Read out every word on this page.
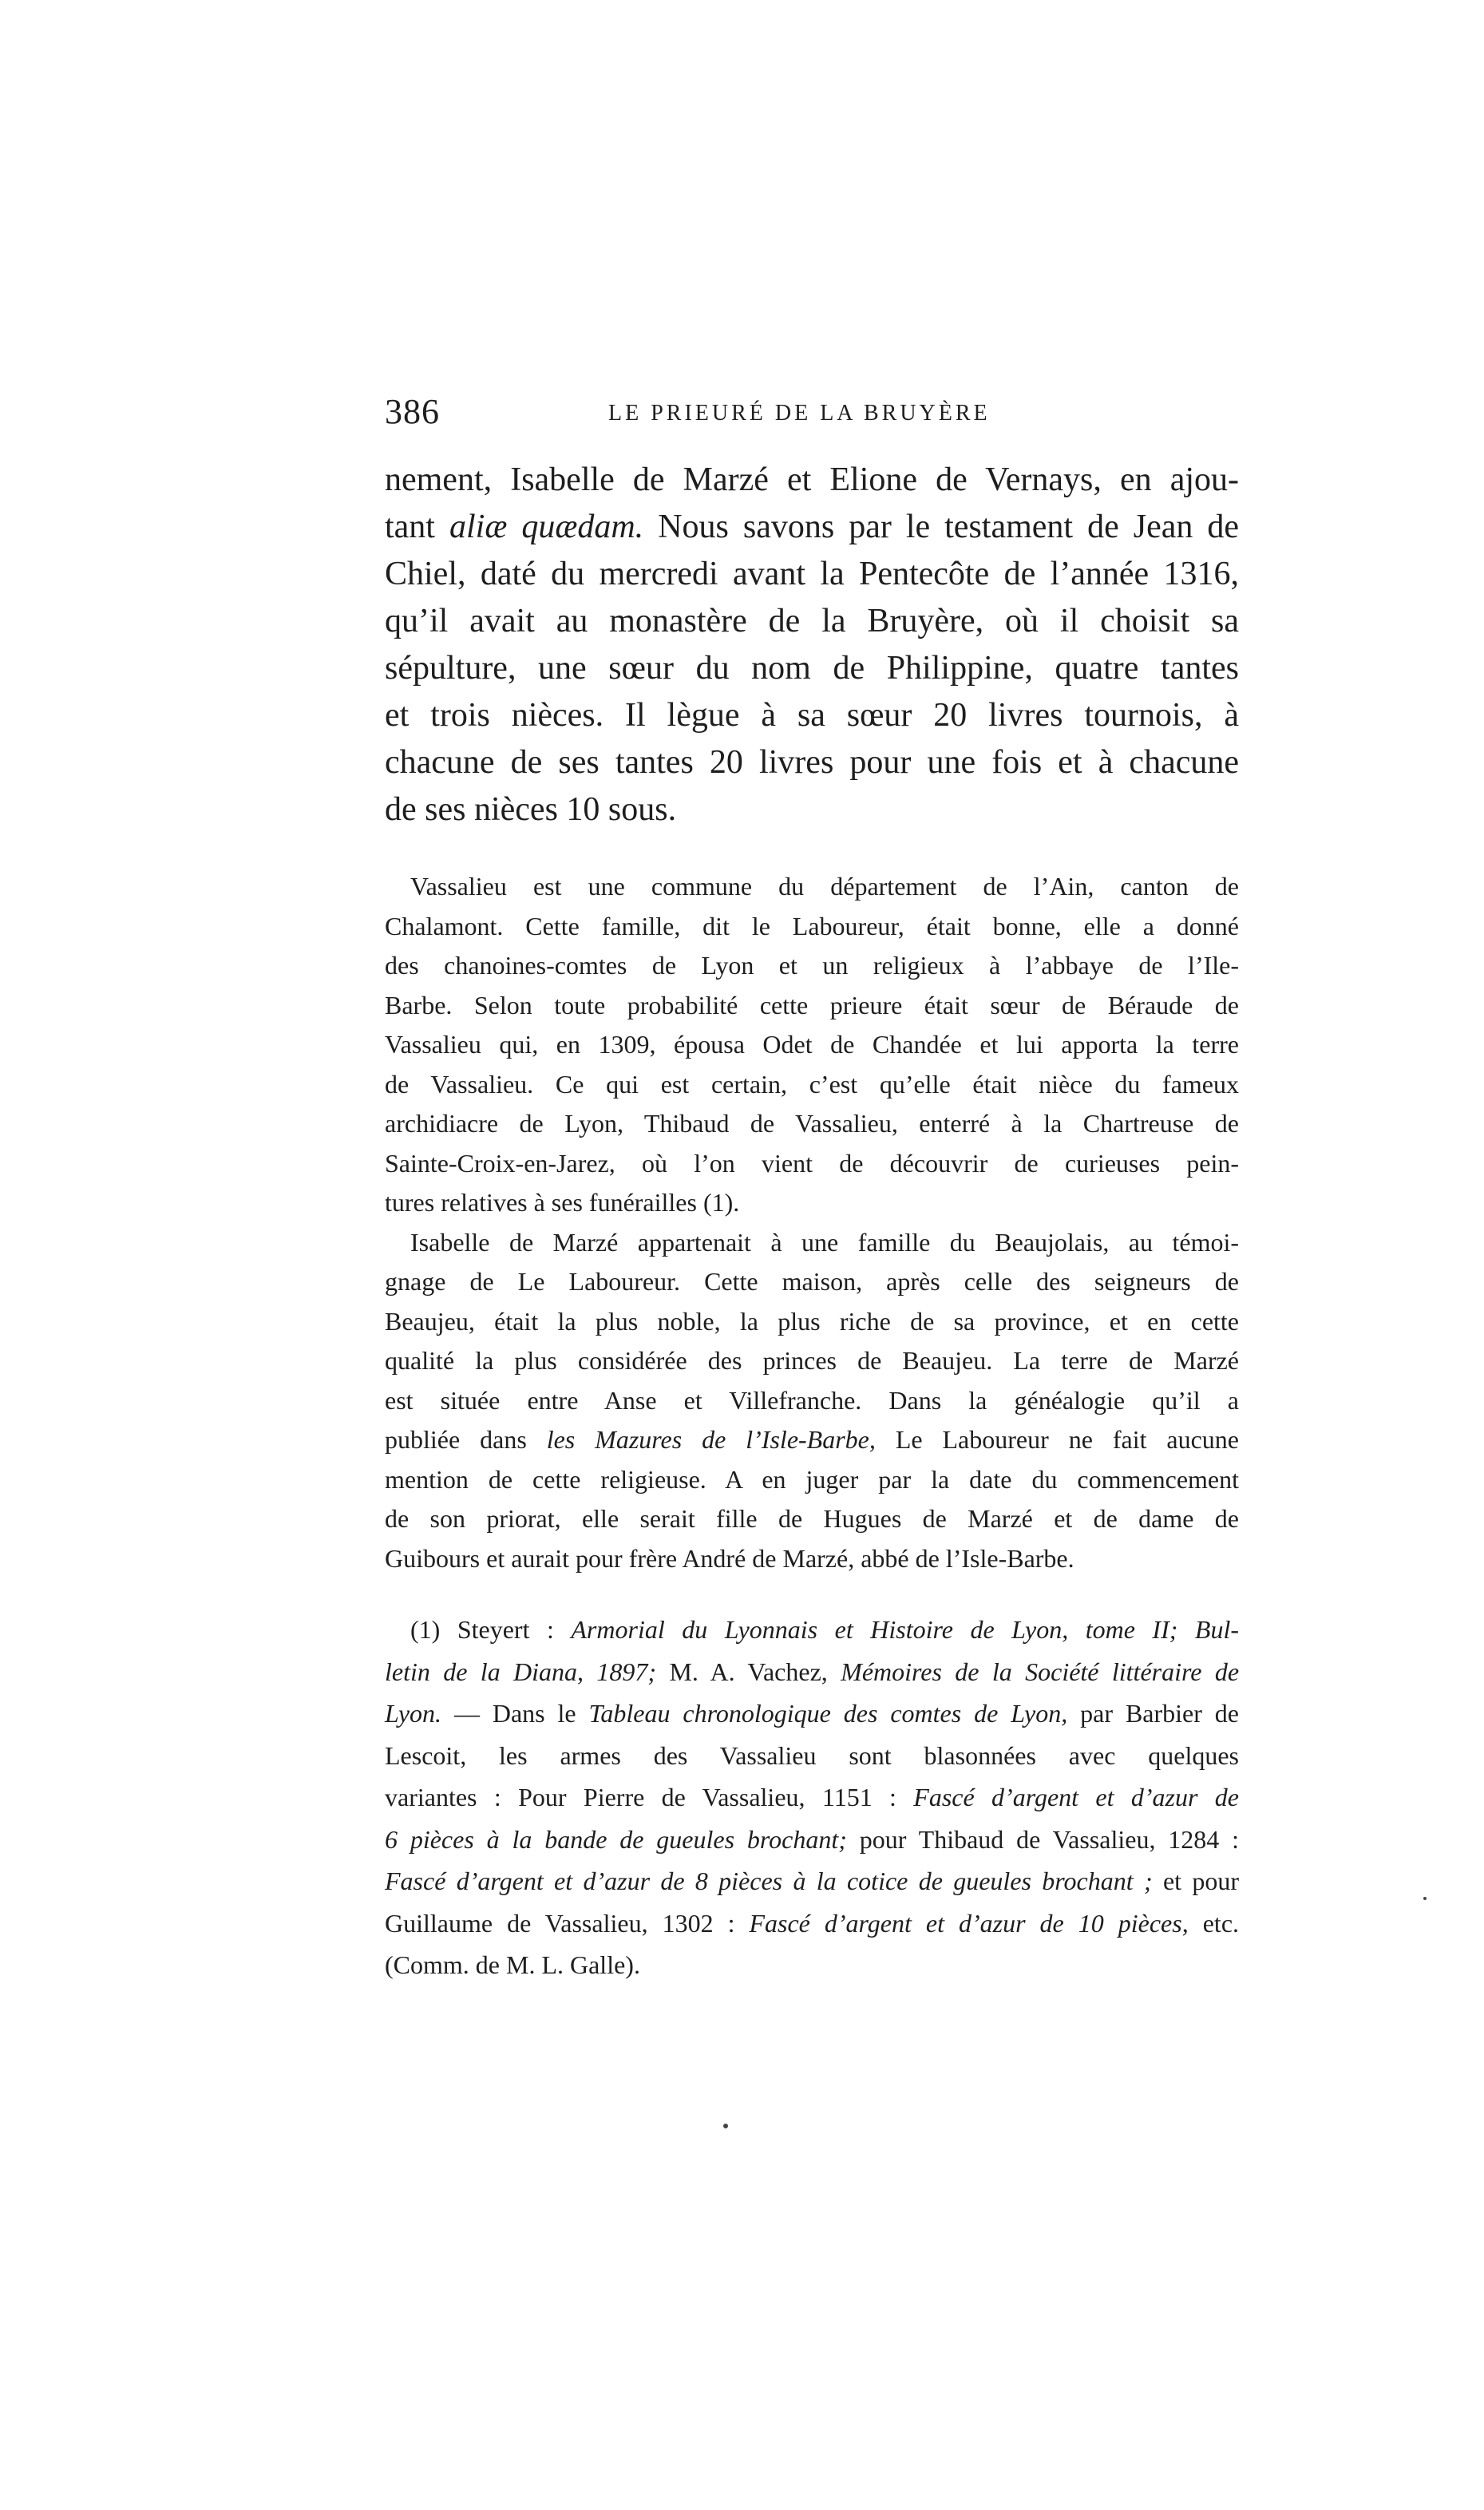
386	LE PRIEURÉ DE LA BRUYÈRE
nement, Isabelle de Marzé et Elione de Vernays, en ajou-
tant aliæ quædam. Nous savons par le testament de Jean de
Chiel, daté du mercredi avant la Pentecôte de l’année 1316,
qu’il avait au monastère de la Bruyère, où il choisit sa
sépulture, une sœur du nom de Philippine, quatre tantes
et trois nièces. Il lègue à sa sœur 20 livres tournois, à
chacune de ses tantes 20 livres pour une fois et à chacune
de ses nièces 10 sous.
Vassalieu est une commune du département de l’Ain, canton de
Chalamont. Cette famille, dit le Laboureur, était bonne, elle a donné
des chanoines-comtes de Lyon et un religieux à l’abbaye de l’Ile-
Barbe. Selon toute probabilité cette prieure était sœur de Béraude de
Vassalieu qui, en 1309, épousa Odet de Chandée et lui apporta la terre
de Vassalieu. Ce qui est certain, c’est qu’elle était nièce du fameux
archidiacre de Lyon, Thibaud de Vassalieu, enterré à la Chartreuse de
Sainte-Croix-en-Jarez, où l’on vient de découvrir de curieuses pein-
tures relatives à ses funérailles (1).
Isabelle de Marzé appartenait à une famille du Beaujolais, au témoi-
gnage de Le Laboureur. Cette maison, après celle des seigneurs de
Beaujeu, était la plus noble, la plus riche de sa province, et en cette
qualité la plus considérée des princes de Beaujeu. La terre de Marzé
est située entre Anse et Villefranche. Dans la généalogie qu’il a
publiée dans les Mazures de l’Isle-Barbe, Le Laboureur ne fait aucune
mention de cette religieuse. A en juger par la date du commencement
de son priorat, elle serait fille de Hugues de Marzé et de dame de
Guibours et aurait pour frère André de Marzé, abbé de l’Isle-Barbe.
(1) Steyert : Armorial du Lyonnais et Histoire de Lyon, tome II; Bul-
letin de la Diana, 1897; M. A. Vachez, Mémoires de la Société littéraire de
Lyon. — Dans le Tableau chronologique des comtes de Lyon, par Barbier de
Lescoit, les armes des Vassalieu sont blasonnées avec quelques
variantes : Pour Pierre de Vassalieu, 1151 : Fascé d’argent et d’azur de
6 pièces à la bande de gueules brochant; pour Thibaud de Vassalieu, 1284 :
Fascé d’argent et d’azur de 8 pièces à la cotice de gueules brochant ; et pour
Guillaume de Vassalieu, 1302 : Fascé d’argent et d’azur de 10 pièces, etc.
(Comm. de M. L. Galle).
